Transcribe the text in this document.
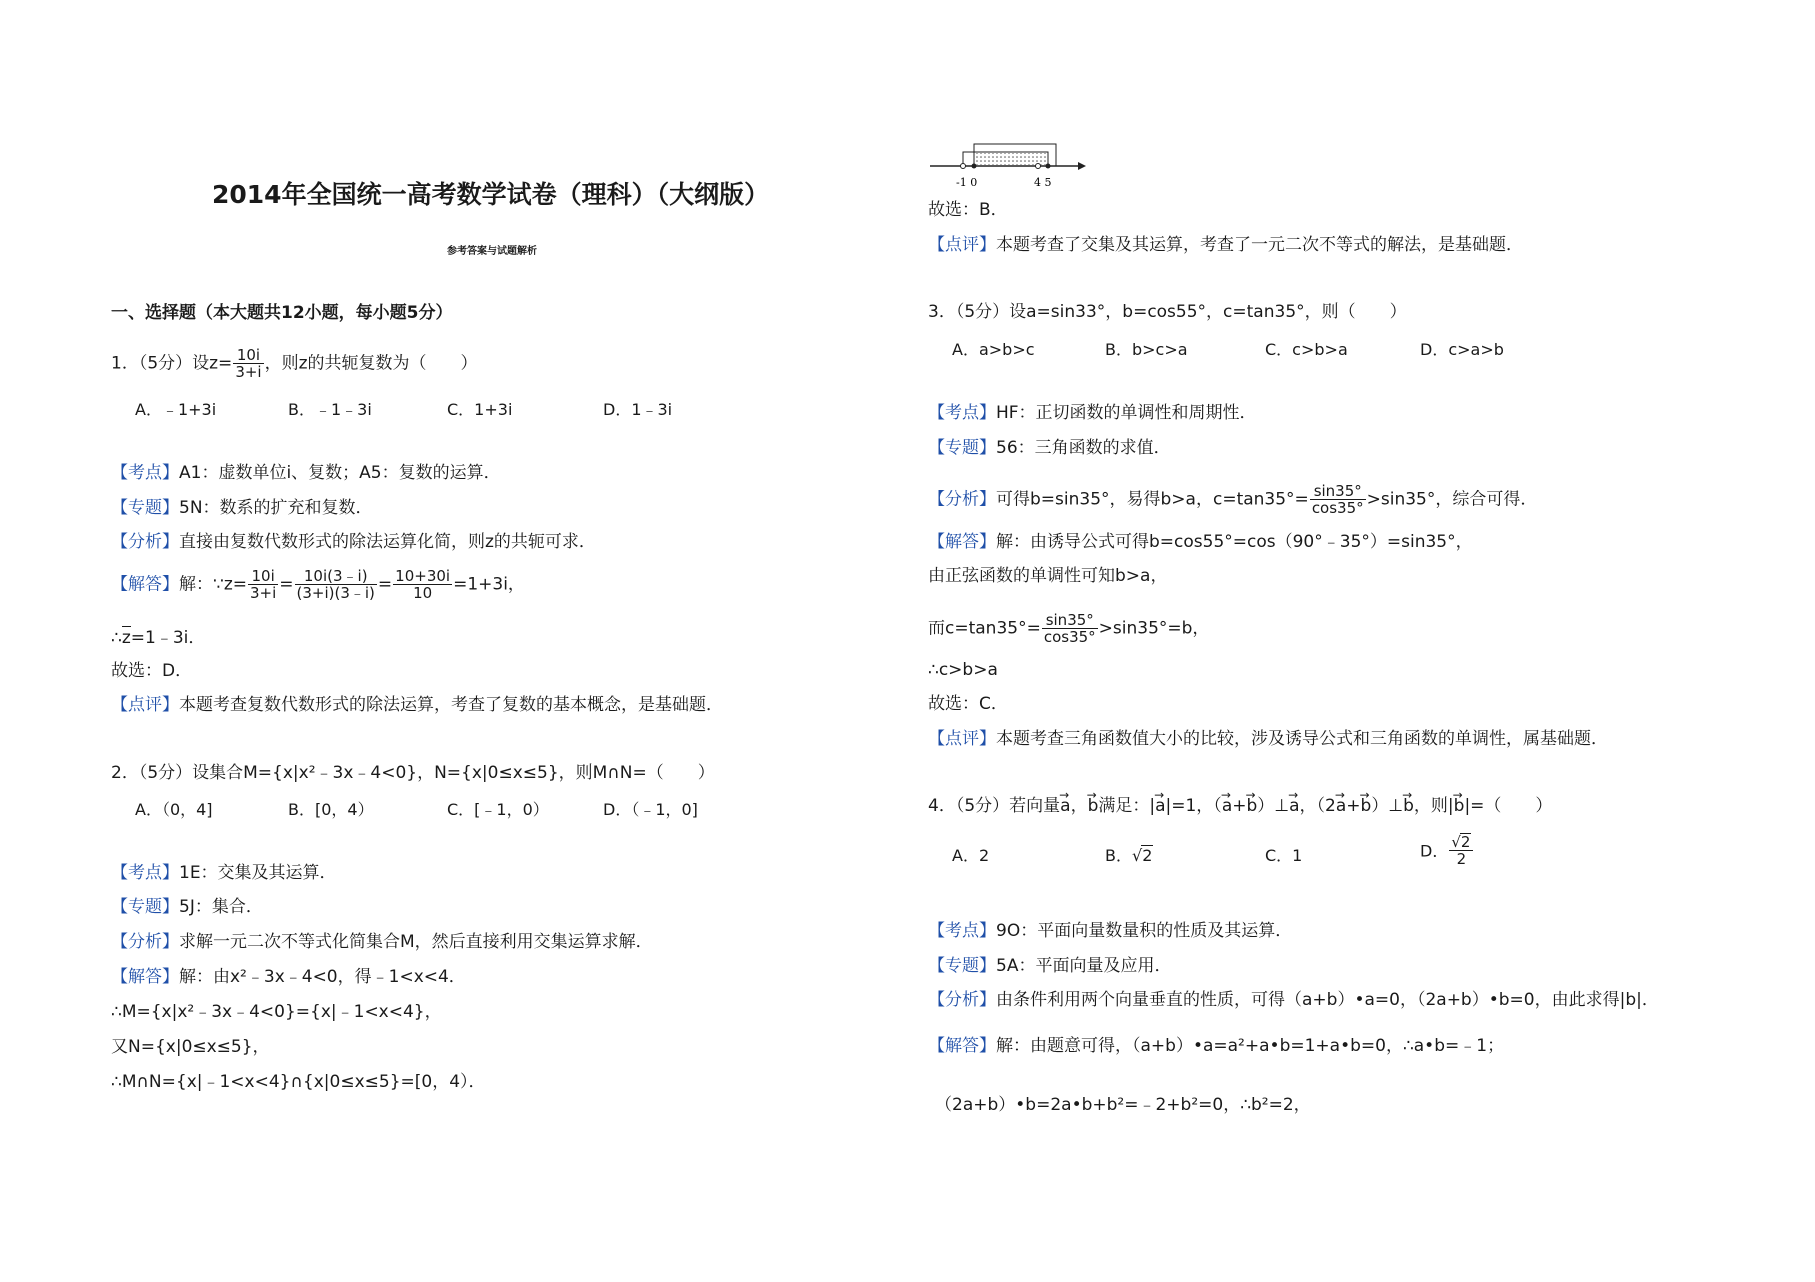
2014年全国统一高考数学试卷（理科）（大纲版）
参考答案与试题解析
一、选择题（本大题共12小题，每小题5分）
1．（5分）设$z= \frac{10i}{3+i}$ ，则z的共轭复数为（　　）
A．﹣1+3i	B．﹣1﹣3i	C．1+3i	D．1﹣3i
【考点】A1：虚数单位i、复数；A5：复数的运算．
【专题】5N：数系的扩充和复数．
【分析】直接由复数代数形式的除法运算化简，则z的共轭可求．
【解答】解：∵z= $\frac{10i}{3+i} = \frac{10i(3﹣i)}{(3+i)(3﹣i)} = \frac{10+30i}{10} =1+3i$，
∴z=1﹣3i．
故选：D．
【点评】本题考查复数代数形式的除法运算，考查了复数的基本概念，是基础题．
2．（5分）设集合M={x|x²﹣3x﹣4<0}，N={x|0≤x≤5}，则M∩N=（　　）
A．（0，4]	B．[0，4）	C．[﹣1，0）	D．（﹣1，0]
【考点】1E：交集及其运算．
【专题】5J：集合．
【分析】求解一元二次不等式化简集合M，然后直接利用交集运算求解．
【解答】解：由x²﹣3x﹣4<0，得﹣1<x<4．
∴M={x|x²﹣3x﹣4<0}={x|﹣1<x<4}，
又N={x|0≤x≤5}，
∴M∩N={x|﹣1<x<4}∩{x|0≤x≤5}=[0，4）．
-1 0	4 5
故选：B．
【点评】本题考查了交集及其运算，考查了一元二次不等式的解法，是基础题．
3．（5分）设a=sin33°，b=cos55°，c=tan35°，则（　　）
A．a>b>c	B．b>c>a	C．c>b>a	D．c>a>b
【考点】HF：正切函数的单调性和周期性．
【专题】56：三角函数的求值．
【分析】可得b=sin35°，易得b>a，$c=\tan 35^\circ= \frac{\sin 35^\circ}{\cos 35^\circ} >\sin 35^\circ$，综合可得．
【解答】解：由诱导公式可得b=cos55°=cos（90°﹣35°）=sin35°，
由正弦函数的单调性可知b>a，
而$c=\tan 35^\circ= \frac{\sin 35^\circ}{\cos 35^\circ} >\sin 35^\circ=b$，
∴c>b>a
故选：C．
【点评】本题考查三角函数值大小的比较，涉及诱导公式和三角函数的单调性，属基础题．
4．（5分）若向量→ a，→ b满足：|→ a|=1，（→ a+→ b）⊥→ a，（2→ a+→ b）⊥→ b，则|→ b|=（　　）
A．2	B．√2	C．1	D． $\frac{√2}{2}$
【考点】9O：平面向量数量积的性质及其运算．
【专题】5A：平面向量及应用．
【分析】由条件利用两个向量垂直的性质，可得（a+b）•a=0，（2a+b）•b=0，由此求得|b|．
【解答】解：由题意可得，（a+b）•a=a²+a•b=1+a•b=0，∴a•b=﹣1；
（2a+b）•b=2a•b+b²=﹣2+b²=0，∴b²=2，
